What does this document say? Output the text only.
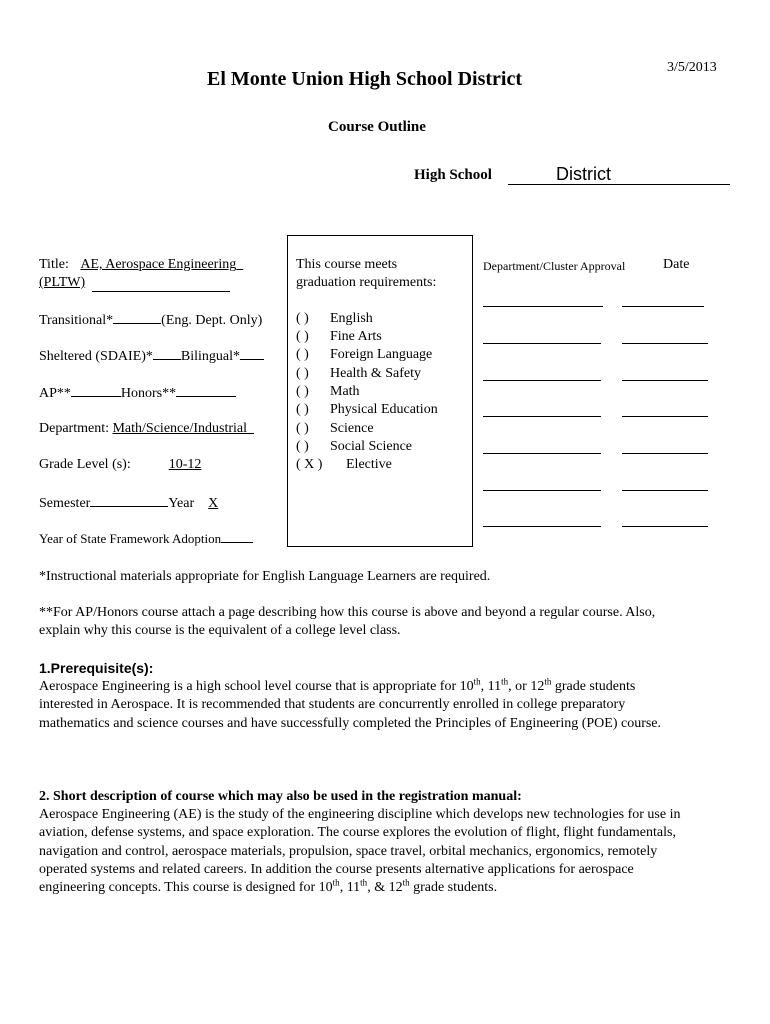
3/5/2013
El Monte Union High School District
Course Outline
High School	District
Title: AE, Aerospace Engineering
(PLTW)
Transitional*	(Eng. Dept. Only)
Sheltered (SDAIE)* Bilingual*
AP**	Honors**
Department: Math/Science/Industrial
Grade Level (s):	10-12
Semester	Year X
Year of State Framework Adoption
This course meets
graduation requirements:
( ) English
( ) Fine Arts
( ) Foreign Language
( ) Health & Safety
( ) Math
( ) Physical Education
( ) Science
( ) Social Science
( X ) Elective
Department/Cluster Approval	Date
*Instructional materials appropriate for English Language Learners are required.
**For AP/Honors course attach a page describing how this course is above and beyond a regular course. Also,
explain why this course is the equivalent of a college level class.
1.Prerequisite(s):
Aerospace Engineering is a high school level course that is appropriate for 10th, 11th, or 12th grade students
interested in Aerospace. It is recommended that students are concurrently enrolled in college preparatory
mathematics and science courses and have successfully completed the Principles of Engineering (POE) course.
2. Short description of course which may also be used in the registration manual:
Aerospace Engineering (AE) is the study of the engineering discipline which develops new technologies for use in
aviation, defense systems, and space exploration. The course explores the evolution of flight, flight fundamentals,
navigation and control, aerospace materials, propulsion, space travel, orbital mechanics, ergonomics, remotely
operated systems and related careers. In addition the course presents alternative applications for aerospace
engineering concepts. This course is designed for 10th, 11th, & 12th grade students.
